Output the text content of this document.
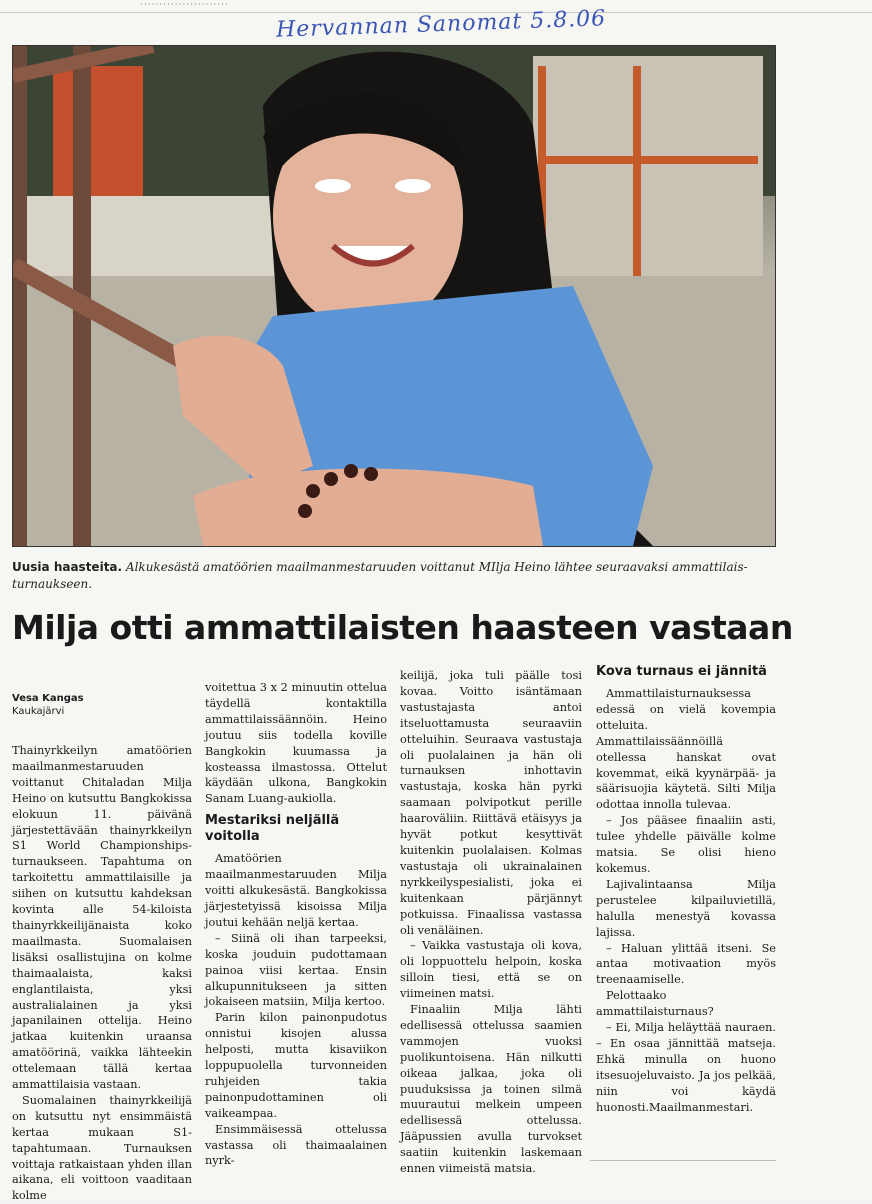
·······················
Hervannan Sanomat 5.8.06
Uusia haasteita. Alkukesästä amatöörien maailmanmestaruuden voittanut MIlja Heino lähtee seuraavaksi ammattilais-turnaukseen.
Milja otti ammattilaisten haasteen vastaan
Vesa Kangas
Kaukajärvi

Thainyrkkeilyn amatöörien maailmanmestaruuden voittanut Chitaladan Milja Heino on kutsuttu Bangkokissa elokuun 11. päivänä järjestettävään thainyrkkeilyn S1 World Championships-turnaukseen. Tapahtuma on tarkoitettu ammattilaisille ja siihen on kutsuttu kahdeksan kovinta alle 54-kiloista thainyrkkeilijänaista koko maailmasta. Suomalaisen lisäksi osallistujina on kolme thaimaalaista, kaksi englantilaista, yksi australialainen ja yksi japanilainen ottelija. Heino jatkaa kuitenkin uraansa amatöörinä, vaikka lähteekin ottelemaan tällä kertaa ammattilaisia vastaan.

Suomalainen thainyrkkeilijä on kutsuttu nyt ensimmäistä kertaa mukaan S1-tapahtumaan. Turnauksen voittaja ratkaistaan yhden illan aikana, eli voittoon vaaditaan kolme

voitettua 3 x 2 minuutin ottelua täydellä kontaktilla ammattilaissäännöin. Heino joutuu siis todella koville Bangkokin kuumassa ja kosteassa ilmastossa. Ottelut käydään ulkona, Bangkokin Sanam Luang-aukiolla.

Mestariksi neljällä voitolla

Amatöörien maailmanmestaruuden Milja voitti alkukesästä. Bangkokissa järjestetyissä kisoissa Milja joutui kehään neljä kertaa.

– Siinä oli ihan tarpeeksi, koska jouduin pudottamaan painoa viisi kertaa. Ensin alkupunnitukseen ja sitten jokaiseen matsiin, Milja kertoo.

Parin kilon painonpudotus onnistui kisojen alussa helposti, mutta kisaviikon loppupuolella turvonneiden ruhjeiden takia painonpudottaminen oli vaikeampaa.

Ensimmäisessä ottelussa vastassa oli thaimaalainen nyrk-

keilijä, joka tuli päälle tosi kovaa. Voitto isäntämaan vastustajasta antoi itseluottamusta seuraaviin otteluihin. Seuraava vastustaja oli puolalainen ja hän oli turnauksen inhottavin vastustaja, koska hän pyrki saamaan polvipotkut perille haaroväliin. Riittävä etäisyys ja hyvät potkut kesyttivät kuitenkin puolalaisen. Kolmas vastustaja oli ukrainalainen nyrkkeilyspesialisti, joka ei kuitenkaan pärjännyt potkuissa. Finaalissa vastassa oli venäläinen.

– Vaikka vastustaja oli kova, oli loppuottelu helpoin, koska silloin tiesi, että se on viimeinen matsi.

Finaaliin Milja lähti edellisessä ottelussa saamien vammojen vuoksi puolikuntoisena. Hän nilkutti oikeaa jalkaa, joka oli puuduksissa ja toinen silmä muurautui melkein umpeen edellisessä ottelussa. Jääpussien avulla turvokset saatiin kuitenkin laskemaan ennen viimeistä matsia.

Kova turnaus ei jännitä

Ammattilaisturnauksessa edessä on vielä kovempia otteluita. Ammattilaissäännöillä otellessa hanskat ovat kovemmat, eikä kyynärpää- ja säärisuojia käytetä. Silti Milja odottaa innolla tulevaa.

– Jos pääsee finaaliin asti, tulee yhdelle päivälle kolme matsia. Se olisi hieno kokemus.

Lajivalintaansa Milja perustelee kilpailuvietillä, halulla menestyä kovassa lajissa.

– Haluan ylittää itseni. Se antaa motivaation myös treenaamiselle.

Pelottaako ammattilaisturnaus?

– Ei, Milja heläyttää nauraen. – En osaa jännittää matseja. Ehkä minulla on huono itsesuojeluvaisto. Ja jos pelkää, niin voi käydä huonosti.Maailmanmestari.
